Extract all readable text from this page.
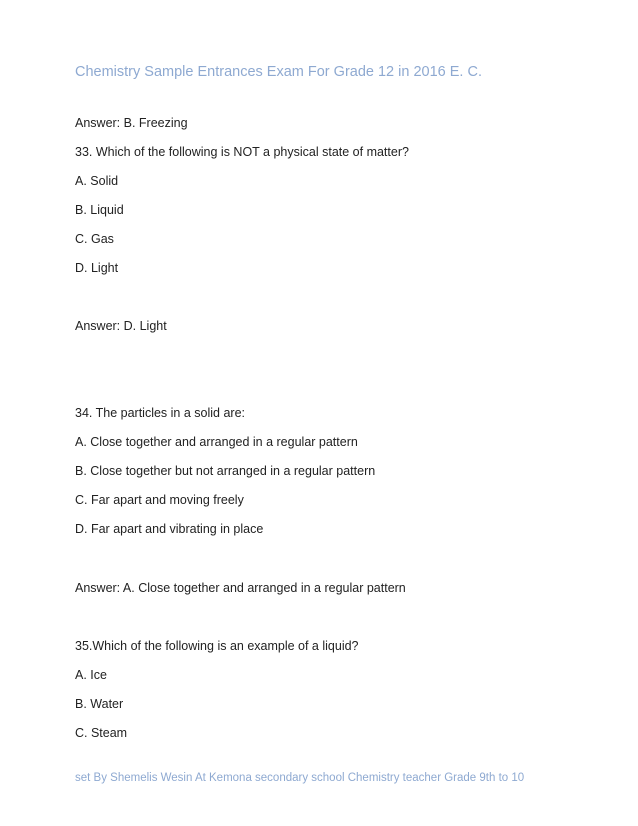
Chemistry Sample Entrances Exam For Grade 12 in 2016 E. C.
Answer: B. Freezing
33. Which of the following is NOT a physical state of matter?
A. Solid
B. Liquid
C. Gas
D. Light
Answer: D. Light
34. The particles in a solid are:
A. Close together and arranged in a regular pattern
B. Close together but not arranged in a regular pattern
C. Far apart and moving freely
D. Far apart and vibrating in place
Answer: A. Close together and arranged in a regular pattern
35.Which of the following is an example of a liquid?
A. Ice
B. Water
C. Steam
set By Shemelis Wesin At Kemona secondary school Chemistry teacher Grade 9th to 10
